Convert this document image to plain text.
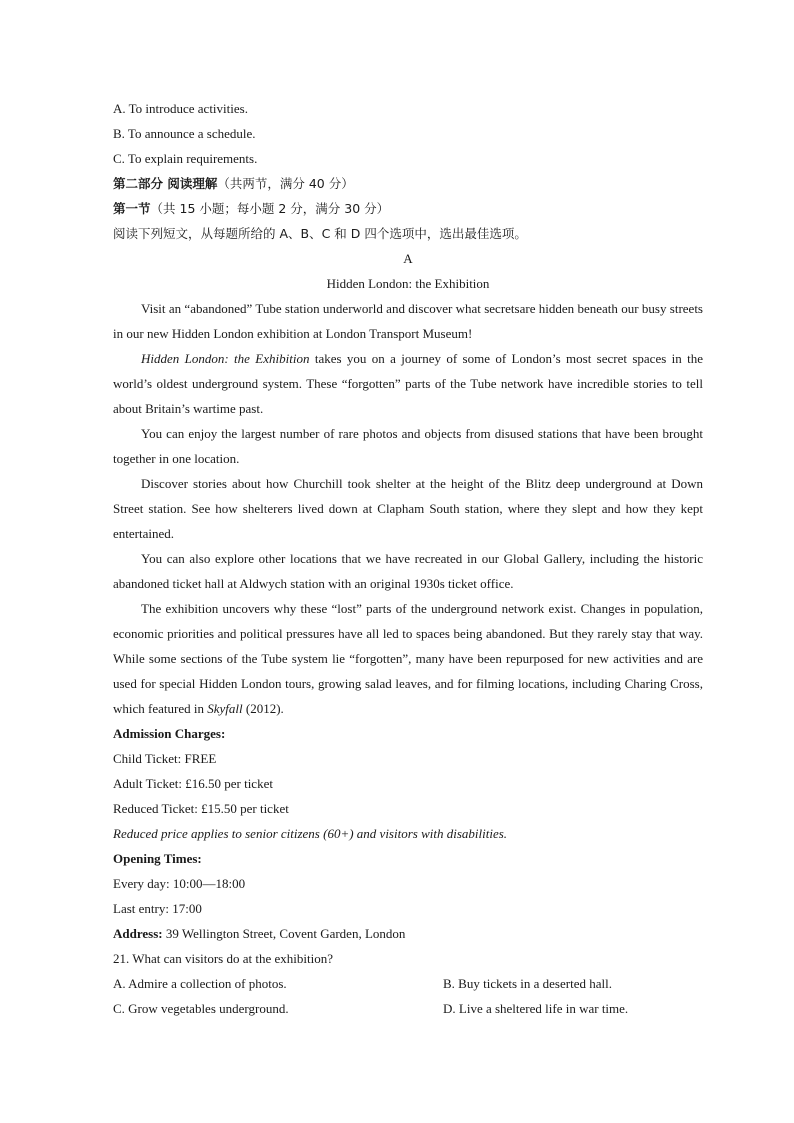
A. To introduce activities.
B. To announce a schedule.
C. To explain requirements.
第二部分 阅读理解（共两节，满分 40 分）
第一节（共 15 小题；每小题 2 分，满分 30 分）
阅读下列短文，从每题所给的 A、B、C 和 D 四个选项中，选出最佳选项。
A
Hidden London: the Exhibition
Visit an “abandoned” Tube station underworld and discover what secretsare hidden beneath our busy streets in our new Hidden London exhibition at London Transport Museum!
Hidden London: the Exhibition takes you on a journey of some of London’s most secret spaces in the world’s oldest underground system. These “forgotten” parts of the Tube network have incredible stories to tell about Britain’s wartime past.
You can enjoy the largest number of rare photos and objects from disused stations that have been brought together in one location.
Discover stories about how Churchill took shelter at the height of the Blitz deep underground at Down Street station. See how shelterers lived down at Clapham South station, where they slept and how they kept entertained.
You can also explore other locations that we have recreated in our Global Gallery, including the historic abandoned ticket hall at Aldwych station with an original 1930s ticket office.
The exhibition uncovers why these “lost” parts of the underground network exist. Changes in population, economic priorities and political pressures have all led to spaces being abandoned. But they rarely stay that way. While some sections of the Tube system lie “forgotten”, many have been repurposed for new activities and are used for special Hidden London tours, growing salad leaves, and for filming locations, including Charing Cross, which featured in Skyfall (2012).
Admission Charges:
Child Ticket: FREE
Adult Ticket: £16.50 per ticket
Reduced Ticket: £15.50 per ticket
Reduced price applies to senior citizens (60+) and visitors with disabilities.
Opening Times:
Every day: 10:00—18:00
Last entry: 17:00
Address: 39 Wellington Street, Covent Garden, London
21. What can visitors do at the exhibition?
A. Admire a collection of photos.	B. Buy tickets in a deserted hall.
C. Grow vegetables underground.	D. Live a sheltered life in war time.
